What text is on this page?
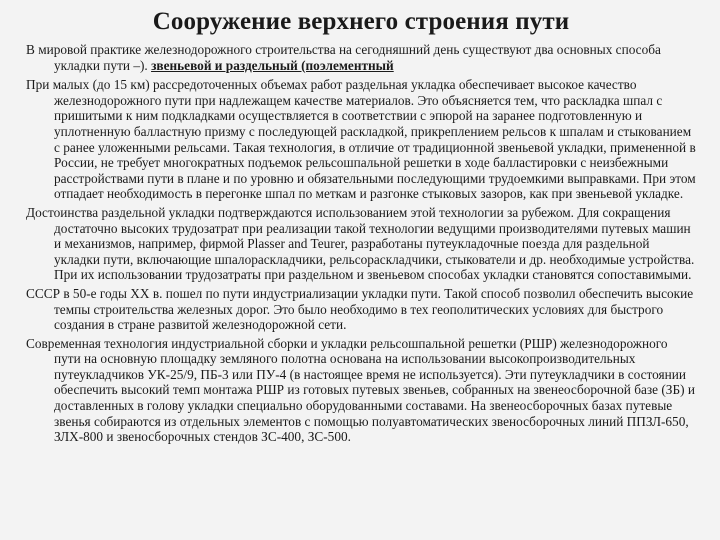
Сооружение верхнего строения пути

В мировой практике железнодорожного строительства на сегодняшний день существуют два основных способа укладки пути –). звеньевой и раздельный (поэлементный

При малых (до 15 км) рассредоточенных объемах работ раздельная укладка обеспечивает высокое качество железнодорожного пути при надлежащем качестве материалов. Это объясняется тем, что раскладка шпал с пришитыми к ним подкладками осуществляется в соответствии с эпюрой на заранее подготовленную и уплотненную балластную призму с последующей раскладкой, прикреплением рельсов к шпалам и стыкованием с ранее уложенными рельсами. Такая технология, в отличие от традиционной звеньевой укладки, примененной в России, не требует многократных подъемок рельсошпальной решетки в ходе балластировки с неизбежными расстройствами пути в плане и по уровню и обязательными последующими трудоемкими выправками. При этом отпадает необходимость в перегонке шпал по меткам и разгонке стыковых зазоров, как при звеньевой укладке.

Достоинства раздельной укладки подтверждаются использованием этой технологии за рубежом. Для сокращения достаточно высоких трудозатрат при реализации такой технологии ведущими производителями путевых машин и механизмов, например, фирмой Plasser and Teurer, разработаны путеукладочные поезда для раздельной укладки пути, включающие шпалораскладчики, рельсораскладчики, стыкователи и др. необходимые устройства. При их использовании трудозатраты при раздельном и звеньевом способах укладки становятся сопоставимыми.

СССР в 50-е годы XX в. пошел по пути индустриализации укладки пути. Такой способ позволил обеспечить высокие темпы строительства железных дорог. Это было необходимо в тех геополитических условиях для быстрого создания в стране развитой железнодорожной сети.

Современная технология индустриальной сборки и укладки рельсошпальной решетки (РШР) железнодорожного пути на основную площадку земляного полотна основана на использовании высокопроизводительных путеукладчиков УК-25/9, ПБ-3 или ПУ-4 (в настоящее время не используется). Эти путеукладчики в состоянии обеспечить высокий темп монтажа РШР из готовых путевых звеньев, собранных на звенеосборочной базе (ЗБ) и доставленных в голову укладки специально оборудованными составами. На звенеосборочных базах путевые звенья собираются из отдельных элементов с помощью полуавтоматических звеносборочных линий ППЗЛ-650, ЗЛХ-800 и звеносборочных стендов ЗС-400, ЗС-500.
